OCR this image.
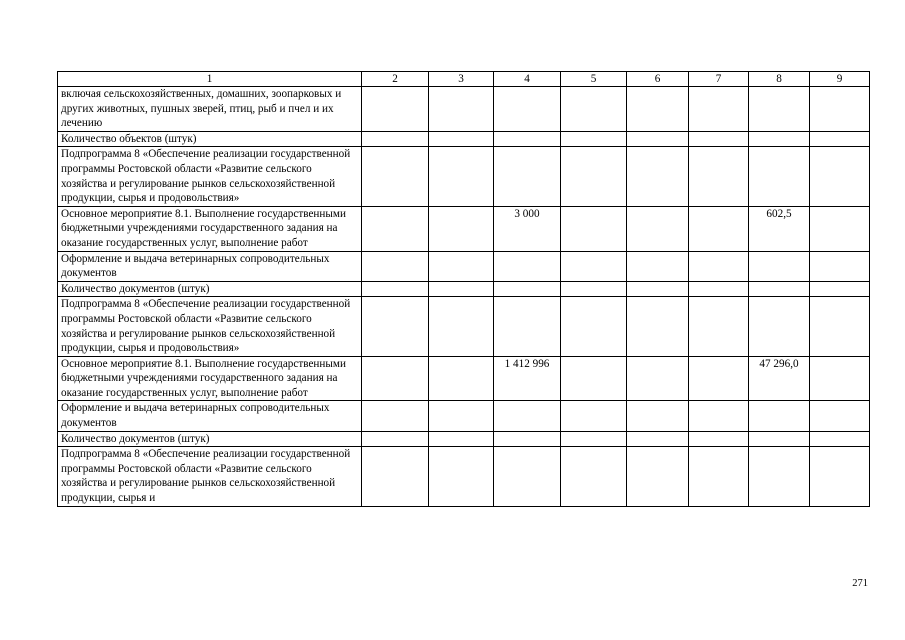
1	2	3	4	5	6	7	8	9
включая сельскохозяйственных, домашних, зоопарковых и других животных, пушных зверей, птиц, рыб и пчел и их лечению								
Количество объектов (штук)								
Подпрограмма 8 «Обеспечение реализации государственной программы Ростовской области «Развитие сельского хозяйства и регулирование рынков сельскохозяйственной продукции, сырья и продовольствия»								
Основное мероприятие 8.1. Выполнение государственными бюджетными учреждениями государственного задания на оказание государственных услуг, выполнение работ			3 000				602,5	
Оформление и выдача ветеринарных сопроводительных документов								
Количество документов (штук)								
Подпрограмма 8 «Обеспечение реализации государственной программы Ростовской области «Развитие сельского хозяйства и регулирование рынков сельскохозяйственной продукции, сырья и продовольствия»								
Основное мероприятие 8.1. Выполнение государственными бюджетными учреждениями государственного задания на оказание государственных услуг, выполнение работ			1 412 996				47 296,0	
Оформление и выдача ветеринарных сопроводительных документов								
Количество документов (штук)								
Подпрограмма 8 «Обеспечение реализации государственной программы Ростовской области «Развитие сельского хозяйства и регулирование рынков сельскохозяйственной продукции, сырья и								
271
